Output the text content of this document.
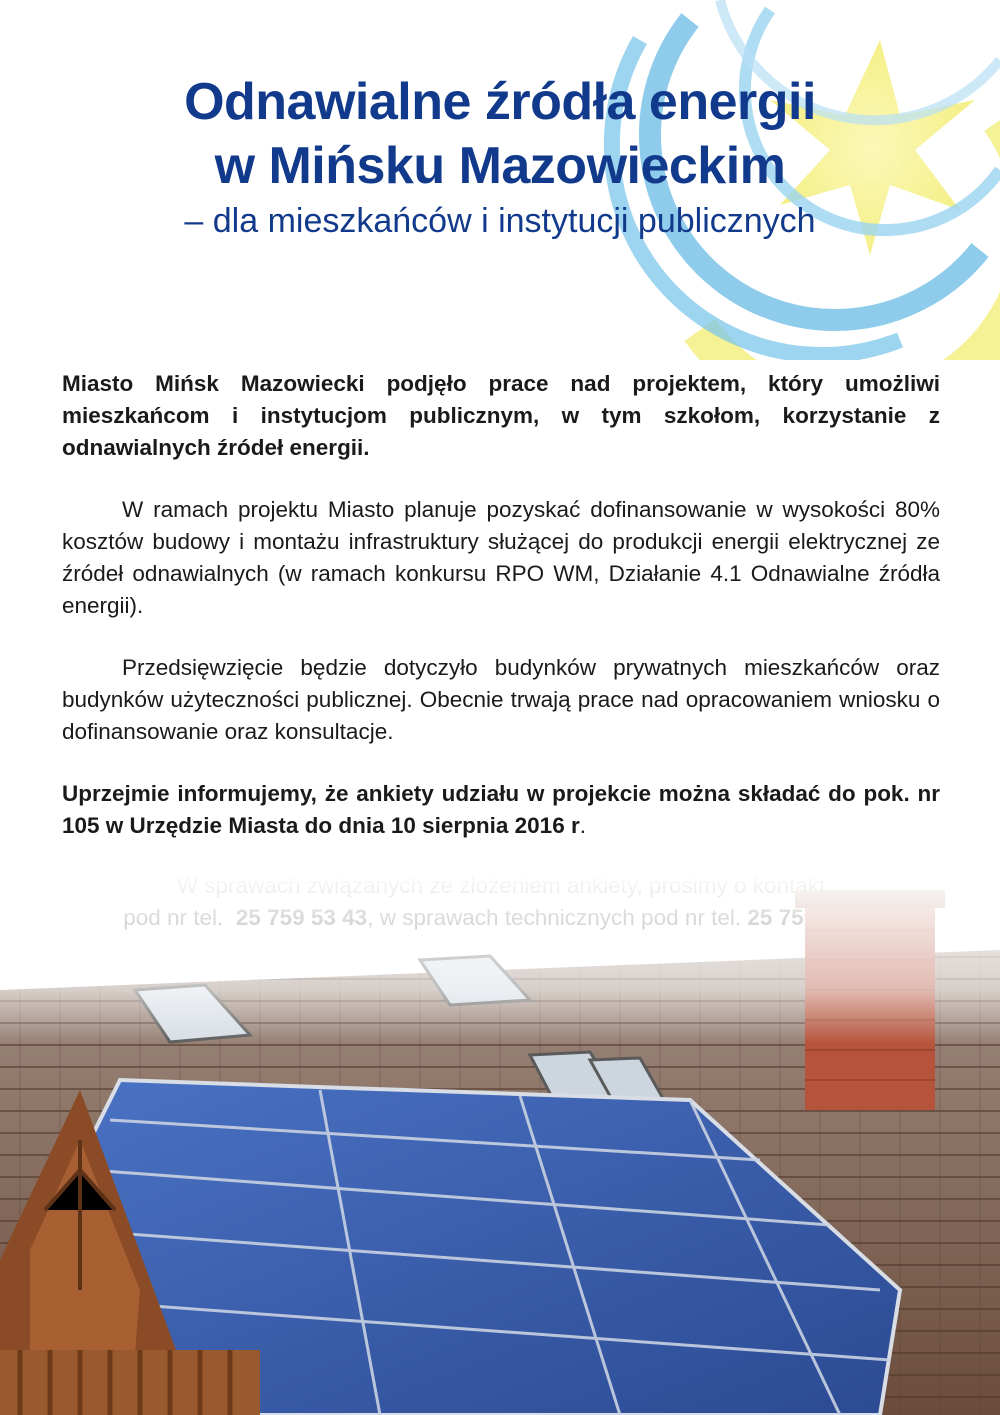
Odnawialne źródła energii
w Mińsku Mazowieckim
– dla mieszkańców i instytucji publicznych

Miasto Mińsk Mazowiecki podjęło prace nad projektem, który umożliwi mieszkańcom i instytucjom publicznym, w tym szkołom, korzystanie z odnawialnych źródeł energii.

W ramach projektu Miasto planuje pozyskać dofinansowanie w wysokości 80% kosztów budowy i montażu infrastruktury służącej do produkcji energii elektrycznej ze źródeł odnawialnych (w ramach konkursu RPO WM, Działanie 4.1 Odnawialne źródła energii).

Przedsięwzięcie będzie dotyczyło budynków prywatnych mieszkańców oraz budynków użyteczności publicznej. Obecnie trwają prace nad opracowaniem wniosku o dofinansowanie oraz konsultacje.

Uprzejmie informujemy, że ankiety udziału w projekcie można składać do pok. nr 105 w Urzędzie Miasta do dnia 10 sierpnia 2016 r.
